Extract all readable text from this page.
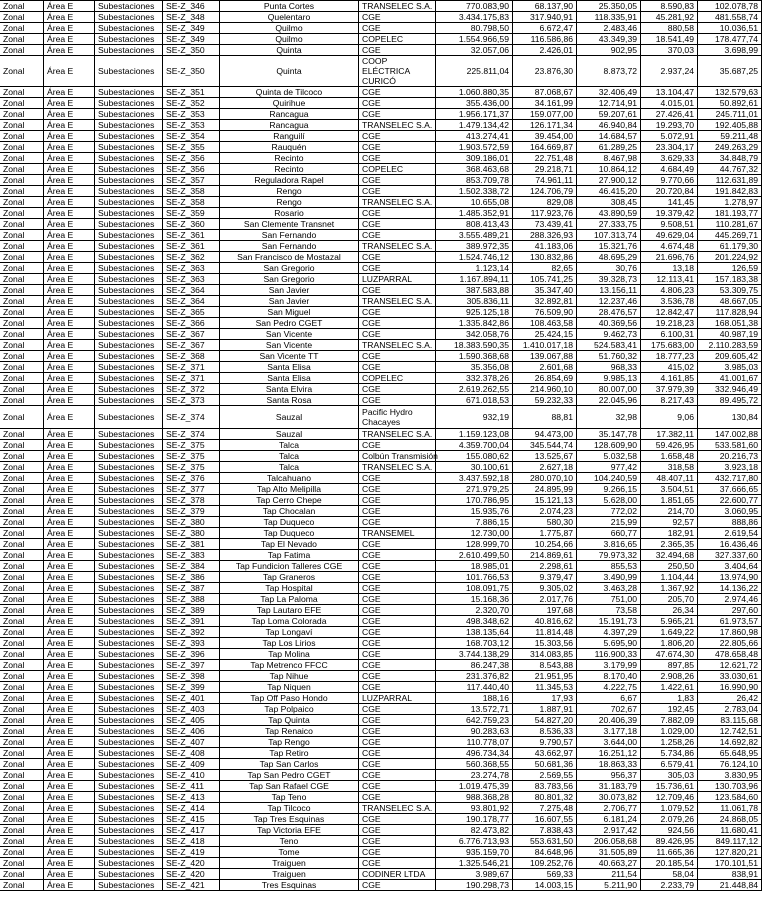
Zonal	Área E	Subestaciones	SE-Z_346	Punta Cortes	TRANSELEC S.A.	770.083,90	68.137,90	25.350,05	8.590,83	102.078,78
Zonal	Área E	Subestaciones	SE-Z_348	Quelentaro	CGE	3.434.175,83	317.940,91	118.335,91	45.281,92	481.558,74
Zonal	Área E	Subestaciones	SE-Z_349	Quilmo	CGE	80.798,50	6.672,47	2.483,46	880,58	10.036,51
Zonal	Área E	Subestaciones	SE-Z_349	Quilmo	COPELEC	1.554.966,59	116.586,86	43.349,39	18.541,49	178.477,74
Zonal	Área E	Subestaciones	SE-Z_350	Quinta	CGE	32.057,06	2.426,01	902,95	370,03	3.698,99
Zonal	Área E	Subestaciones	SE-Z_350	Quinta	COOP ELÉCTRICA CURICÓ	225.811,04	23.876,30	8.873,72	2.937,24	35.687,25
Zonal	Área E	Subestaciones	SE-Z_351	Quinta de Tilcoco	CGE	1.060.880,35	87.068,67	32.406,49	13.104,47	132.579,63
Zonal	Área E	Subestaciones	SE-Z_352	Quirihue	CGE	355.436,00	34.161,99	12.714,91	4.015,01	50.892,61
Zonal	Área E	Subestaciones	SE-Z_353	Rancagua	CGE	1.956.171,37	159.077,00	59.207,61	27.426,41	245.711,01
Zonal	Área E	Subestaciones	SE-Z_353	Rancagua	TRANSELEC S.A.	1.479.134,42	126.171,34	46.940,84	19.293,70	192.405,88
Zonal	Área E	Subestaciones	SE-Z_354	Ranguilí	CGE	413.274,41	39.454,00	14.684,57	5.072,91	59.211,48
Zonal	Área E	Subestaciones	SE-Z_355	Rauquén	CGE	1.903.572,59	164.669,87	61.289,25	23.304,17	249.263,29
Zonal	Área E	Subestaciones	SE-Z_356	Recinto	CGE	309.186,01	22.751,48	8.467,98	3.629,33	34.848,79
Zonal	Área E	Subestaciones	SE-Z_356	Recinto	COPELEC	368.463,68	29.218,71	10.864,12	4.684,49	44.767,32
Zonal	Área E	Subestaciones	SE-Z_357	Reguladora Rapel	CGE	853.709,78	74.961,11	27.900,12	9.770,66	112.631,89
Zonal	Área E	Subestaciones	SE-Z_358	Rengo	CGE	1.502.338,72	124.706,79	46.415,20	20.720,84	191.842,83
Zonal	Área E	Subestaciones	SE-Z_358	Rengo	TRANSELEC S.A.	10.655,08	829,08	308,45	141,45	1.278,97
Zonal	Área E	Subestaciones	SE-Z_359	Rosario	CGE	1.485.352,91	117.923,76	43.890,59	19.379,42	181.193,77
Zonal	Área E	Subestaciones	SE-Z_360	San Clemente Transnet	CGE	808.413,43	73.439,41	27.333,75	9.508,51	110.281,67
Zonal	Área E	Subestaciones	SE-Z_361	San Fernando	CGE	3.555.489,21	288.326,93	107.313,74	49.629,04	445.269,71
Zonal	Área E	Subestaciones	SE-Z_361	San Fernando	TRANSELEC S.A.	389.972,35	41.183,06	15.321,76	4.674,48	61.179,30
Zonal	Área E	Subestaciones	SE-Z_362	San Francisco de Mostazal	CGE	1.524.746,12	130.832,86	48.695,29	21.696,76	201.224,92
Zonal	Área E	Subestaciones	SE-Z_363	San Gregorio	CGE	1.123,14	82,65	30,76	13,18	126,59
Zonal	Área E	Subestaciones	SE-Z_363	San Gregorio	LUZPARRAL	1.167.894,11	105.741,25	39.328,73	12.113,41	157.183,38
Zonal	Área E	Subestaciones	SE-Z_364	San Javier	CGE	387.583,88	35.347,40	13.156,11	4.806,23	53.309,75
Zonal	Área E	Subestaciones	SE-Z_364	San Javier	TRANSELEC S.A.	305.836,11	32.892,81	12.237,46	3.536,78	48.667,05
Zonal	Área E	Subestaciones	SE-Z_365	San Miguel	CGE	925.125,18	76.509,90	28.476,57	12.842,47	117.828,94
Zonal	Área E	Subestaciones	SE-Z_366	San Pedro CGET	CGE	1.335.842,86	108.463,58	40.369,56	19.218,23	168.051,38
Zonal	Área E	Subestaciones	SE-Z_367	San Vicente	CGE	342.058,76	25.424,15	9.462,73	6.100,31	40.987,19
Zonal	Área E	Subestaciones	SE-Z_367	San Vicente	TRANSELEC S.A.	18.383.590,35	1.410.017,18	524.583,41	175.683,00	2.110.283,59
Zonal	Área E	Subestaciones	SE-Z_368	San Vicente TT	CGE	1.590.368,68	139.067,88	51.760,32	18.777,23	209.605,42
Zonal	Área E	Subestaciones	SE-Z_371	Santa Elisa	CGE	35.356,08	2.601,68	968,33	415,02	3.985,03
Zonal	Área E	Subestaciones	SE-Z_371	Santa Elisa	COPELEC	332.378,26	26.854,69	9.985,13	4.161,85	41.001,67
Zonal	Área E	Subestaciones	SE-Z_372	Santa Elvira	CGE	2.619.262,55	214.960,10	80.007,00	37.979,39	332.946,49
Zonal	Área E	Subestaciones	SE-Z_373	Santa Rosa	CGE	671.018,53	59.232,33	22.045,96	8.217,43	89.495,72
Zonal	Área E	Subestaciones	SE-Z_374	Sauzal	Pacific Hydro Chacayes	932,19	88,81	32,98	9,06	130,84
Zonal	Área E	Subestaciones	SE-Z_374	Sauzal	TRANSELEC S.A.	1.159.123,08	94.473,00	35.147,78	17.382,11	147.002,88
Zonal	Área E	Subestaciones	SE-Z_375	Talca	CGE	4.359.700,04	345.544,74	128.609,90	59.426,95	533.581,60
Zonal	Área E	Subestaciones	SE-Z_375	Talca	Colbún Transmisión	155.080,62	13.525,67	5.032,58	1.658,48	20.216,73
Zonal	Área E	Subestaciones	SE-Z_375	Talca	TRANSELEC S.A.	30.100,61	2.627,18	977,42	318,58	3.923,18
Zonal	Área E	Subestaciones	SE-Z_376	Talcahuano	CGE	3.437.592,18	280.070,10	104.240,59	48.407,11	432.717,80
Zonal	Área E	Subestaciones	SE-Z_377	Tap Alto Melipilla	CGE	271.979,25	24.895,99	9.266,15	3.504,51	37.666,65
Zonal	Área E	Subestaciones	SE-Z_378	Tap Cerro Chepe	CGE	170.786,95	15.121,13	5.628,00	1.851,65	22.600,77
Zonal	Área E	Subestaciones	SE-Z_379	Tap Chocalan	CGE	15.935,76	2.074,23	772,02	214,70	3.060,95
Zonal	Área E	Subestaciones	SE-Z_380	Tap Duqueco	CGE	7.886,15	580,30	215,99	92,57	888,86
Zonal	Área E	Subestaciones	SE-Z_380	Tap Duqueco	TRANSEMEL	12.730,00	1.775,87	660,77	182,91	2.619,54
Zonal	Área E	Subestaciones	SE-Z_381	Tap El Nevado	CGE	128.999,70	10.254,66	3.816,65	2.365,35	16.436,46
Zonal	Área E	Subestaciones	SE-Z_383	Tap Fatima	CGE	2.610.499,50	214.869,61	79.973,32	32.494,68	327.337,60
Zonal	Área E	Subestaciones	SE-Z_384	Tap Fundicion Talleres CGE	CGE	18.985,01	2.298,61	855,53	250,50	3.404,64
Zonal	Área E	Subestaciones	SE-Z_386	Tap Graneros	CGE	101.766,53	9.379,47	3.490,99	1.104,44	13.974,90
Zonal	Área E	Subestaciones	SE-Z_387	Tap Hospital	CGE	108.091,75	9.305,02	3.463,28	1.367,92	14.136,22
Zonal	Área E	Subestaciones	SE-Z_388	Tap La Paloma	CGE	15.168,36	2.017,76	751,00	205,70	2.974,46
Zonal	Área E	Subestaciones	SE-Z_389	Tap Lautaro EFE	CGE	2.320,70	197,68	73,58	26,34	297,60
Zonal	Área E	Subestaciones	SE-Z_391	Tap Loma Colorada	CGE	498.348,62	40.816,62	15.191,73	5.965,21	61.973,57
Zonal	Área E	Subestaciones	SE-Z_392	Tap Longaví	CGE	138.135,64	11.814,48	4.397,29	1.649,22	17.860,98
Zonal	Área E	Subestaciones	SE-Z_393	Tap Los Lirios	CGE	168.703,12	15.303,56	5.695,90	1.806,20	22.805,66
Zonal	Área E	Subestaciones	SE-Z_396	Tap Molina	CGE	3.744.138,29	314.083,85	116.900,33	47.674,30	478.658,48
Zonal	Área E	Subestaciones	SE-Z_397	Tap Metrenco FFCC	CGE	86.247,38	8.543,88	3.179,99	897,85	12.621,72
Zonal	Área E	Subestaciones	SE-Z_398	Tap Nihue	CGE	231.376,82	21.951,95	8.170,40	2.908,26	33.030,61
Zonal	Área E	Subestaciones	SE-Z_399	Tap Niquen	CGE	117.440,40	11.345,53	4.222,75	1.422,61	16.990,90
Zonal	Área E	Subestaciones	SE-Z_401	Tap Off Paso Hondo	LUZPARRAL	188,16	17,93	6,67	1,83	26,42
Zonal	Área E	Subestaciones	SE-Z_403	Tap Polpaico	CGE	13.572,71	1.887,91	702,67	192,45	2.783,04
Zonal	Área E	Subestaciones	SE-Z_405	Tap Quinta	CGE	642.759,23	54.827,20	20.406,39	7.882,09	83.115,68
Zonal	Área E	Subestaciones	SE-Z_406	Tap Renaico	CGE	90.283,63	8.536,33	3.177,18	1.029,00	12.742,51
Zonal	Área E	Subestaciones	SE-Z_407	Tap Rengo	CGE	110.778,07	9.790,57	3.644,00	1.258,26	14.692,82
Zonal	Área E	Subestaciones	SE-Z_408	Tap Retiro	CGE	496.734,34	43.662,97	16.251,12	5.734,86	65.648,95
Zonal	Área E	Subestaciones	SE-Z_409	Tap San Carlos	CGE	560.368,55	50.681,36	18.863,33	6.579,41	76.124,10
Zonal	Área E	Subestaciones	SE-Z_410	Tap San Pedro CGET	CGE	23.274,78	2.569,55	956,37	305,03	3.830,95
Zonal	Área E	Subestaciones	SE-Z_411	Tap San Rafael CGE	CGE	1.019.475,39	83.783,56	31.183,79	15.736,61	130.703,96
Zonal	Área E	Subestaciones	SE-Z_413	Tap Teno	CGE	988.368,28	80.801,32	30.073,82	12.709,46	123.584,60
Zonal	Área E	Subestaciones	SE-Z_414	Tap Tilcoco	TRANSELEC S.A.	93.801,92	7.275,48	2.706,77	1.079,52	11.061,78
Zonal	Área E	Subestaciones	SE-Z_415	Tap Tres Esquinas	CGE	190.178,77	16.607,55	6.181,24	2.079,26	24.868,05
Zonal	Área E	Subestaciones	SE-Z_417	Tap Victoria EFE	CGE	82.473,82	7.838,43	2.917,42	924,56	11.680,41
Zonal	Área E	Subestaciones	SE-Z_418	Teno	CGE	6.776.713,93	553.631,50	206.058,68	89.426,95	849.117,12
Zonal	Área E	Subestaciones	SE-Z_419	Tome	CGE	935.159,70	84.648,96	31.505,89	11.665,36	127.820,21
Zonal	Área E	Subestaciones	SE-Z_420	Traiguen	CGE	1.325.546,21	109.252,76	40.663,27	20.185,54	170.101,51
Zonal	Área E	Subestaciones	SE-Z_420	Traiguen	CODINER LTDA	3.989,67	569,33	211,54	58,04	838,91
Zonal	Área E	Subestaciones	SE-Z_421	Tres Esquinas	CGE	190.298,73	14.003,15	5.211,90	2.233,79	21.448,84
